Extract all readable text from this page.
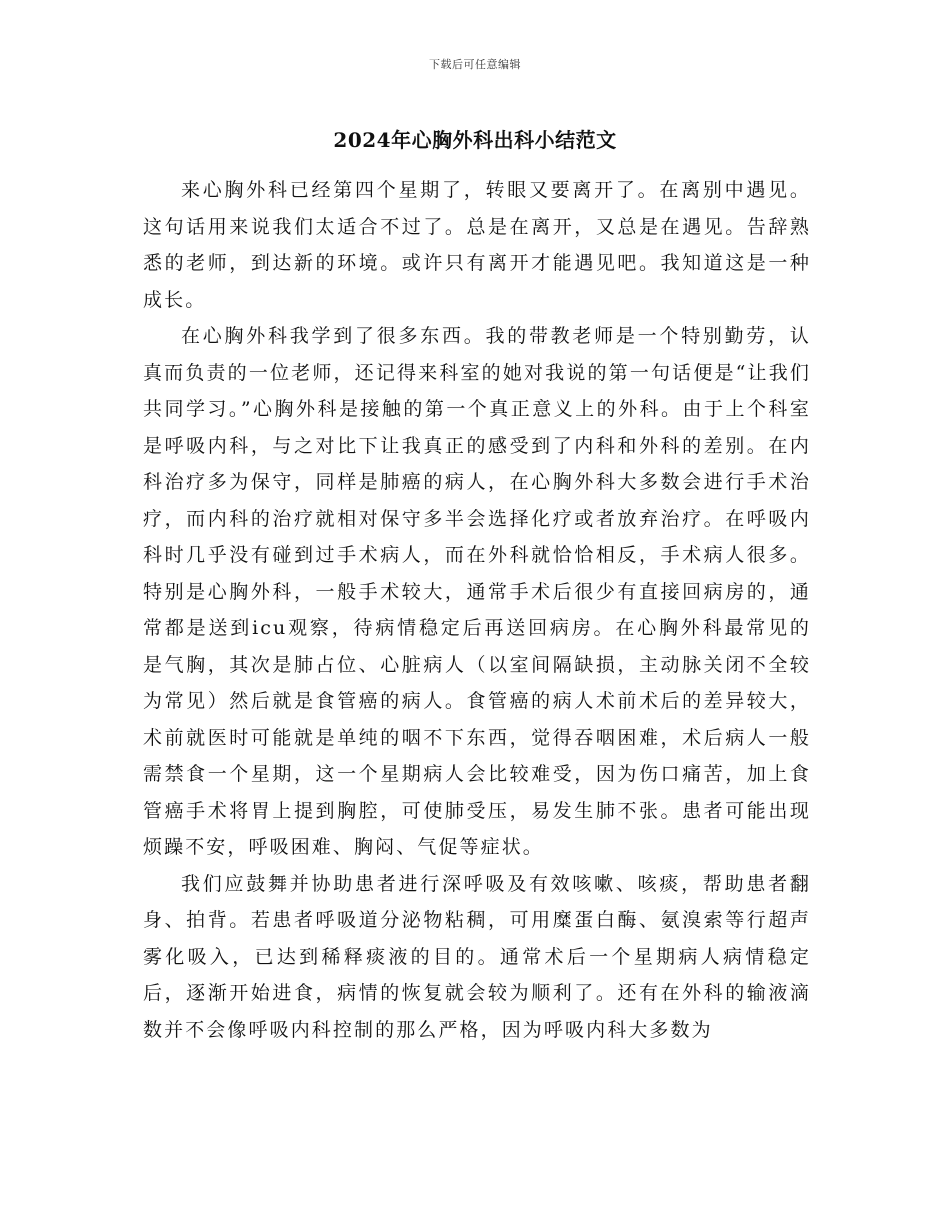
下载后可任意编辑
2024年心胸外科出科小结范文

来心胸外科已经第四个星期了，转眼又要离开了。在离别中遇见。这句话用来说我们太适合不过了。总是在离开，又总是在遇见。告辞熟悉的老师，到达新的环境。或许只有离开才能遇见吧。我知道这是一种成长。

在心胸外科我学到了很多东西。我的带教老师是一个特别勤劳，认真而负责的一位老师，还记得来科室的她对我说的第一句话便是“让我们共同学习。”心胸外科是接触的第一个真正意义上的外科。由于上个科室是呼吸内科，与之对比下让我真正的感受到了内科和外科的差别。在内科治疗多为保守，同样是肺癌的病人，在心胸外科大多数会进行手术治疗，而内科的治疗就相对保守多半会选择化疗或者放弃治疗。在呼吸内科时几乎没有碰到过手术病人，而在外科就恰恰相反，手术病人很多。特别是心胸外科，一般手术较大，通常手术后很少有直接回病房的，通常都是送到icu观察，待病情稳定后再送回病房。在心胸外科最常见的是气胸，其次是肺占位、心脏病人（以室间隔缺损，主动脉关闭不全较为常见）然后就是食管癌的病人。食管癌的病人术前术后的差异较大，术前就医时可能就是单纯的咽不下东西，觉得吞咽困难，术后病人一般需禁食一个星期，这一个星期病人会比较难受，因为伤口痛苦，加上食管癌手术将胃上提到胸腔，可使肺受压，易发生肺不张。患者可能出现烦躁不安，呼吸困难、胸闷、气促等症状。

我们应鼓舞并协助患者进行深呼吸及有效咳嗽、咳痰，帮助患者翻身、拍背。若患者呼吸道分泌物粘稠，可用糜蛋白酶、氨溴索等行超声雾化吸入，已达到稀释痰液的目的。通常术后一个星期病人病情稳定后，逐渐开始进食，病情的恢复就会较为顺利了。还有在外科的输液滴数并不会像呼吸内科控制的那么严格，因为呼吸内科大多数为
